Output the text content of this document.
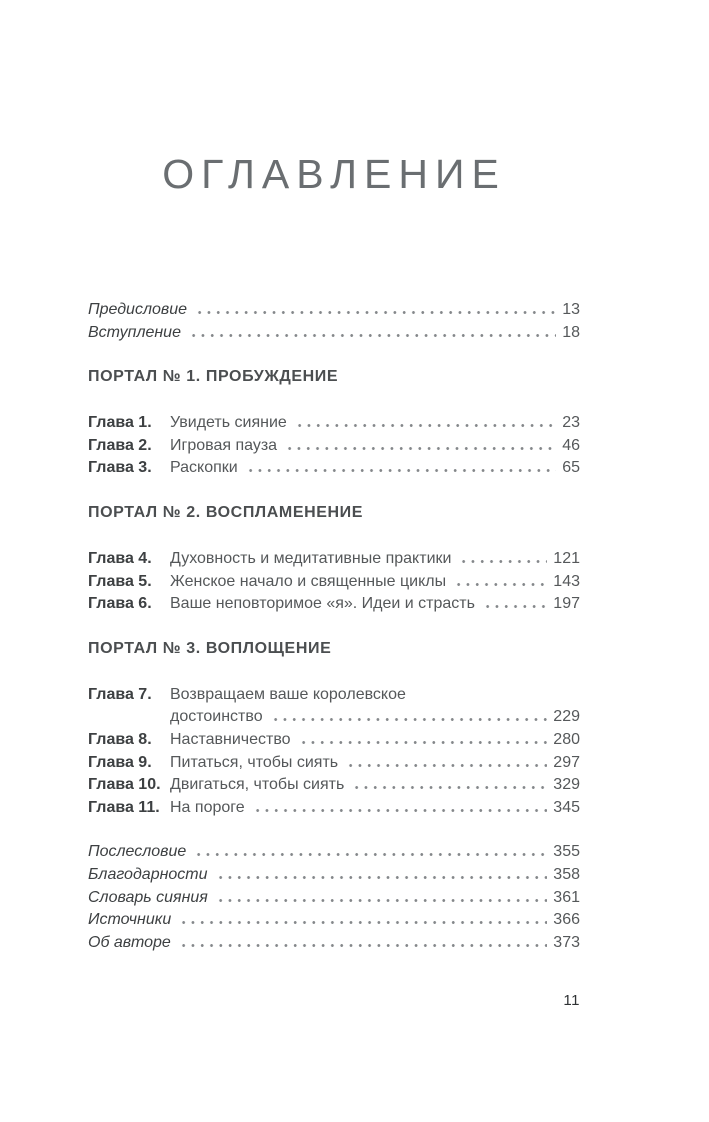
ОГЛАВЛЕНИЕ
Предисловие	13
Вступление	18
ПОРТАЛ № 1. ПРОБУЖДЕНИЕ
Глава 1.	Увидеть сияние	23
Глава 2.	Игровая пауза	46
Глава 3.	Раскопки	65
ПОРТАЛ № 2. ВОСПЛАМЕНЕНИЕ
Глава 4.	Духовность и медитативные практики	121
Глава 5.	Женское начало и священные циклы	143
Глава 6.	Ваше неповторимое «я». Идеи и страсть	197
ПОРТАЛ № 3. ВОПЛОЩЕНИЕ
Глава 7.	Возвращаем ваше королевское
достоинство	229
Глава 8.	Наставничество	280
Глава 9.	Питаться, чтобы сиять	297
Глава 10. Двигаться, чтобы сиять	329
Глава 11. На пороге	345
Послесловие	355
Благодарности	358
Словарь сияния	361
Источники	366
Об авторе	373
11
